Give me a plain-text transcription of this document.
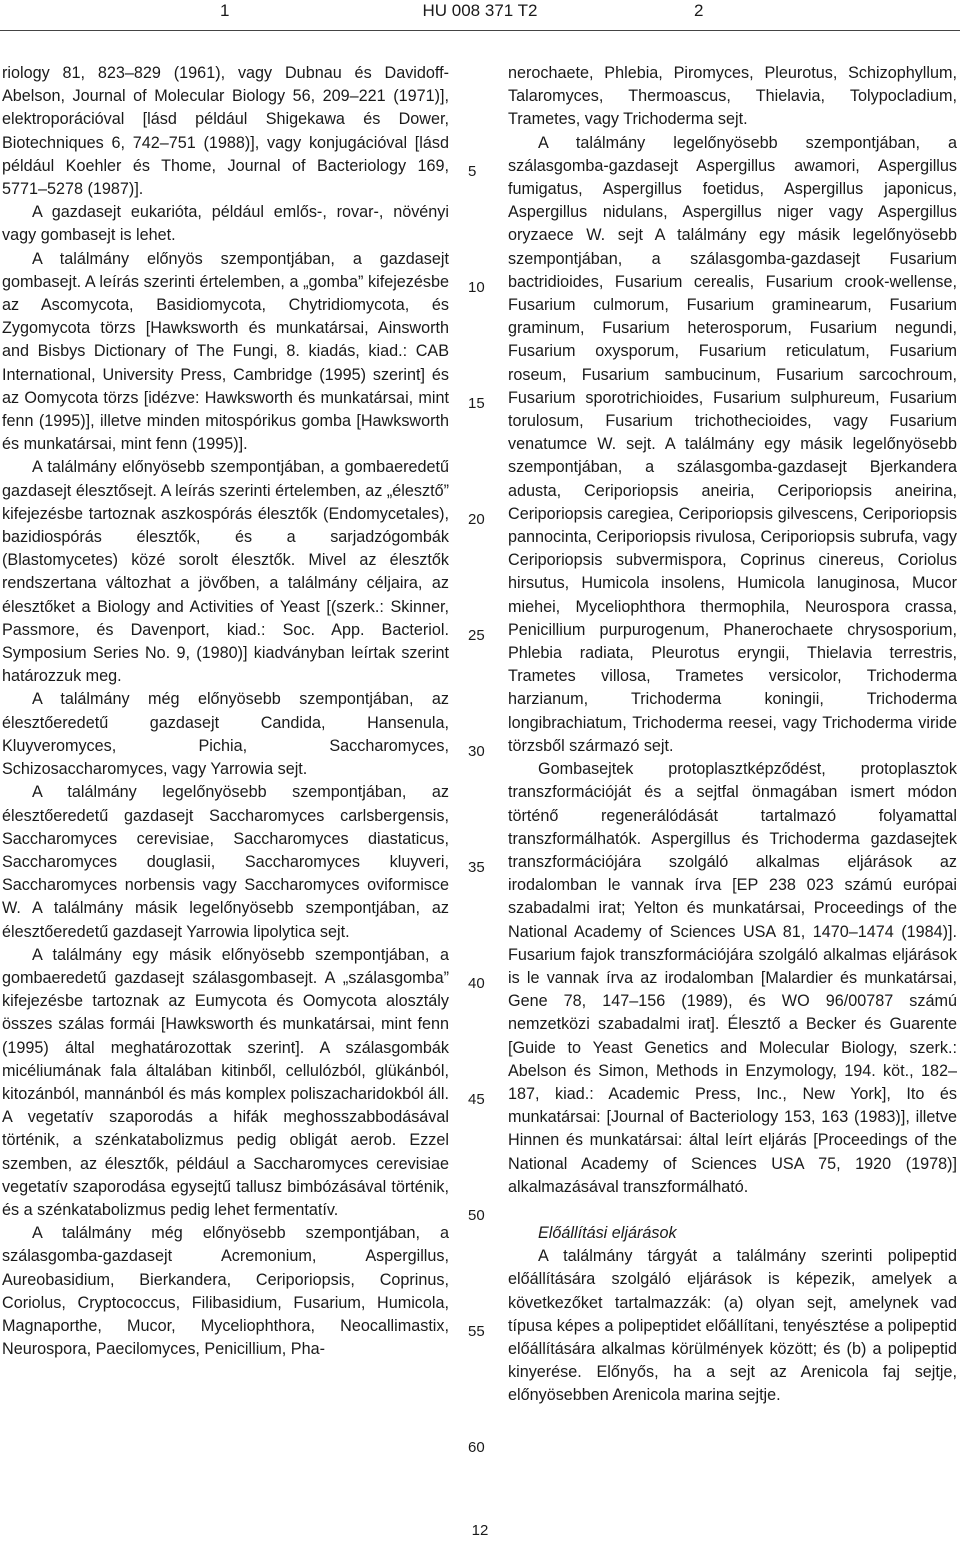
1	HU 008 371 T2	2

riology 81, 823–829 (1961), vagy Dubnau és Davidoff-Abelson, Journal of Molecular Biology 56, 209–221 (1971)], elektroporációval [lásd például Shigekawa és Dower, Biotechniques 6, 742–751 (1988)], vagy konjugációval [lásd például Koehler és Thome, Journal of Bacteriology 169, 5771–5278 (1987)].

A gazdasejt eukarióta, például emlős-, rovar-, növényi vagy gombasejt is lehet.

A találmány előnyös szempontjában, a gazdasejt gombasejt. A leírás szerinti értelemben, a „gomba” kifejezésbe az Ascomycota, Basidiomycota, Chytridiomycota, és Zygomycota törzs [Hawksworth és munkatársai, Ainsworth and Bisbys Dictionary of The Fungi, 8. kiadás, kiad.: CAB International, University Press, Cambridge (1995) szerint] és az Oomycota törzs [idézve: Hawksworth és munkatársai, mint fenn (1995)], illetve minden mitospórikus gomba [Hawksworth és munkatársai, mint fenn (1995)].

A találmány előnyösebb szempontjában, a gombaeredetű gazdasejt élesztősejt. A leírás szerinti értelemben, az „élesztő” kifejezésbe tartoznak aszkospórás élesztők (Endomycetales), bazidiospórás élesztők, és a sarjadzógombák (Blastomycetes) közé sorolt élesztők. Mivel az élesztők rendszertana változhat a jövőben, a találmány céljaira, az élesztőket a Biology and Activities of Yeast [(szerk.: Skinner, Passmore, és Davenport, kiad.: Soc. App. Bacteriol. Symposium Series No. 9, (1980)] kiadványban leírtak szerint határozzuk meg.

A találmány még előnyösebb szempontjában, az élesztőeredetű gazdasejt Candida, Hansenula, Kluyveromyces, Pichia, Saccharomyces, Schizosaccharomyces, vagy Yarrowia sejt.

A találmány legelőnyösebb szempontjában, az élesztőeredetű gazdasejt Saccharomyces carlsbergensis, Saccharomyces cerevisiae, Saccharomyces diastaticus, Saccharomyces douglasii, Saccharomyces kluyveri, Saccharomyces norbensis vagy Saccharomyces oviformisce W. A találmány másik legelőnyösebb szempontjában, az élesztőeredetű gazdasejt Yarrowia lipolytica sejt.

A találmány egy másik előnyösebb szempontjában, a gombaeredetű gazdasejt szálasgombasejt. A „szálasgomba” kifejezésbe tartoznak az Eumycota és Oomycota alosztály összes szálas formái [Hawksworth és munkatársai, mint fenn (1995) által meghatározottak szerint]. A szálasgombák micéliumának fala általában kitinből, cellulózból, glükánból, kitozánból, mannánból és más komplex poliszacharidokból áll. A vegetatív szaporodás a hifák meghosszabbodásával történik, a szénkatabolizmus pedig obligát aerob. Ezzel szemben, az élesztők, például a Saccharomyces cerevisiae vegetatív szaporodása egysejtű tallusz bimbózásával történik, és a szénkatabolizmus pedig lehet fermentatív.

A találmány még előnyösebb szempontjában, a szálasgomba-gazdasejt Acremonium, Aspergillus, Aureobasidium, Bierkandera, Ceriporiopsis, Coprinus, Coriolus, Cryptococcus, Filibasidium, Fusarium, Humicola, Magnaporthe, Mucor, Myceliophthora, Neocallimastix, Neurospora, Paecilomyces, Penicillium, Pha-

5
10
15
20
25
30
35
40
45
50
55
60

nerochaete, Phlebia, Piromyces, Pleurotus, Schizophyllum, Talaromyces, Thermoascus, Thielavia, Tolypocladium, Trametes, vagy Trichoderma sejt.

A találmány legelőnyösebb szempontjában, a szálasgomba-gazdasejt Aspergillus awamori, Aspergillus fumigatus, Aspergillus foetidus, Aspergillus japonicus, Aspergillus nidulans, Aspergillus niger vagy Aspergillus oryzaece W. sejt A találmány egy másik legelőnyösebb szempontjában, a szálasgomba-gazdasejt Fusarium bactridioides, Fusarium cerealis, Fusarium crook-wellense, Fusarium culmorum, Fusarium graminearum, Fusarium graminum, Fusarium heterosporum, Fusarium negundi, Fusarium oxysporum, Fusarium reticulatum, Fusarium roseum, Fusarium sambucinum, Fusarium sarcochroum, Fusarium sporotrichioides, Fusarium sulphureum, Fusarium torulosum, Fusarium trichothecioides, vagy Fusarium venatumce W. sejt. A találmány egy másik legelőnyösebb szempontjában, a szálasgomba-gazdasejt Bjerkandera adusta, Ceriporiopsis aneiria, Ceriporiopsis aneirina, Ceriporiopsis caregiea, Ceriporiopsis gilvescens, Ceriporiopsis pannocinta, Ceriporiopsis rivulosa, Ceriporiopsis subrufa, vagy Ceriporiopsis subvermispora, Coprinus cinereus, Coriolus hirsutus, Humicola insolens, Humicola lanuginosa, Mucor miehei, Myceliophthora thermophila, Neurospora crassa, Penicillium purpurogenum, Phanerochaete chrysosporium, Phlebia radiata, Pleurotus eryngii, Thielavia terrestris, Trametes villosa, Trametes versicolor, Trichoderma harzianum, Trichoderma koningii, Trichoderma longibrachiatum, Trichoderma reesei, vagy Trichoderma viride törzsből származó sejt.

Gombasejtek protoplasztképződést, protoplasztok transzformációját és a sejtfal önmagában ismert módon történő regenerálódását tartalmazó folyamattal transzformálhatók. Aspergillus és Trichoderma gazdasejtek transzformációjára szolgáló alkalmas eljárások az irodalomban le vannak írva [EP 238 023 számú európai szabadalmi irat; Yelton és munkatársai, Proceedings of the National Academy of Sciences USA 81, 1470–1474 (1984)]. Fusarium fajok transzformációjára szolgáló alkalmas eljárások is le vannak írva az irodalomban [Malardier és munkatársai, Gene 78, 147–156 (1989), és WO 96/00787 számú nemzetközi szabadalmi irat]. Élesztő a Becker és Guarente [Guide to Yeast Genetics and Molecular Biology, szerk.: Abelson és Simon, Methods in Enzymology, 194. köt., 182–187, kiad.: Academic Press, Inc., New York], Ito és munkatársai: [Journal of Bacteriology 153, 163 (1983)], illetve Hinnen és munkatársai: által leírt eljárás [Proceedings of the National Academy of Sciences USA 75, 1920 (1978)] alkalmazásával transzformálható.

Előállítási eljárások

A találmány tárgyát a találmány szerinti polipeptid előállítására szolgáló eljárások is képezik, amelyek a következőket tartalmazzák: (a) olyan sejt, amelynek vad típusa képes a polipeptidet előállítani, tenyésztése a polipeptid előállítására alkalmas körülmények között; és (b) a polipeptid kinyerése. Előnyős, ha a sejt az Arenicola faj sejtje, előnyösebben Arenicola marina sejtje.

12
